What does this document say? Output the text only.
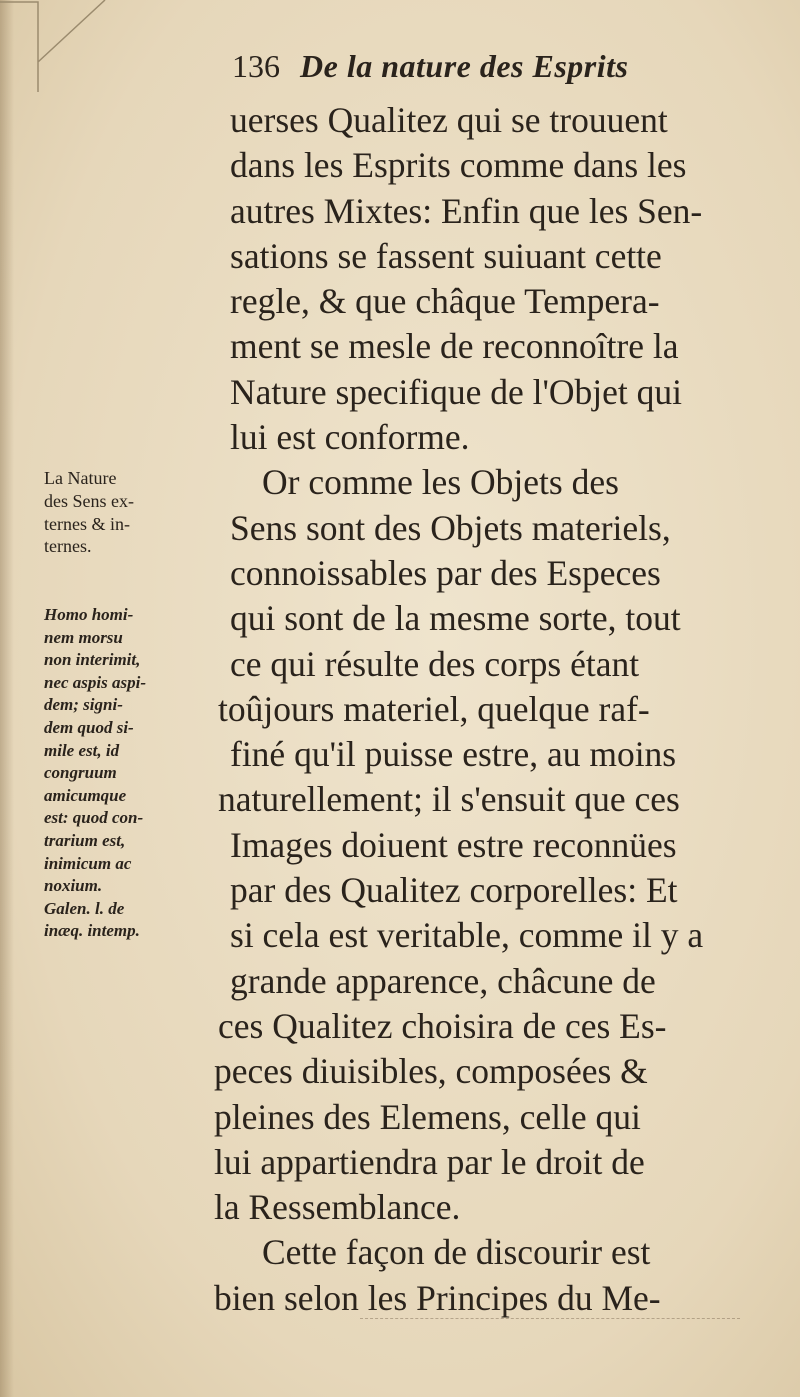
136 De la nature des Esprits
uerses Qualitez qui se trouuent
dans les Esprits comme dans les
autres Mixtes: Enfin que les Sen-
sations se fassent suiuant cette
regle, & que châque Tempera-
ment se mesle de reconnoître la
Nature specifique de l'Objet qui
lui est conforme.
Or comme les Objets des
Sens sont des Objets materiels,
connoissables par des Especes
qui sont de la mesme sorte, tout
ce qui résulte des corps étant
toûjours materiel, quelque raf-
finé qu'il puisse estre, au moins
naturellement; il s'ensuit que ces
Images doiuent estre reconnües
par des Qualitez corporelles: Et
si cela est veritable, comme il y a
grande apparence, châcune de
ces Qualitez choisira de ces Es-
peces diuisibles, composées &
pleines des Elemens, celle qui
lui appartiendra par le droit de
la Ressemblance.
Cette façon de discourir est
bien selon les Principes du Me-
La Nature
des Sens ex-
ternes & in-
ternes.
Homo homi-
nem morsu
non interimit,
nec aspis aspi-
dem; signi-
dem quod si-
mile est, id
congruum
amicumque
est: quod con-
trarium est,
inimicum ac
noxium.
Galen. l. de
inæq. intemp.
